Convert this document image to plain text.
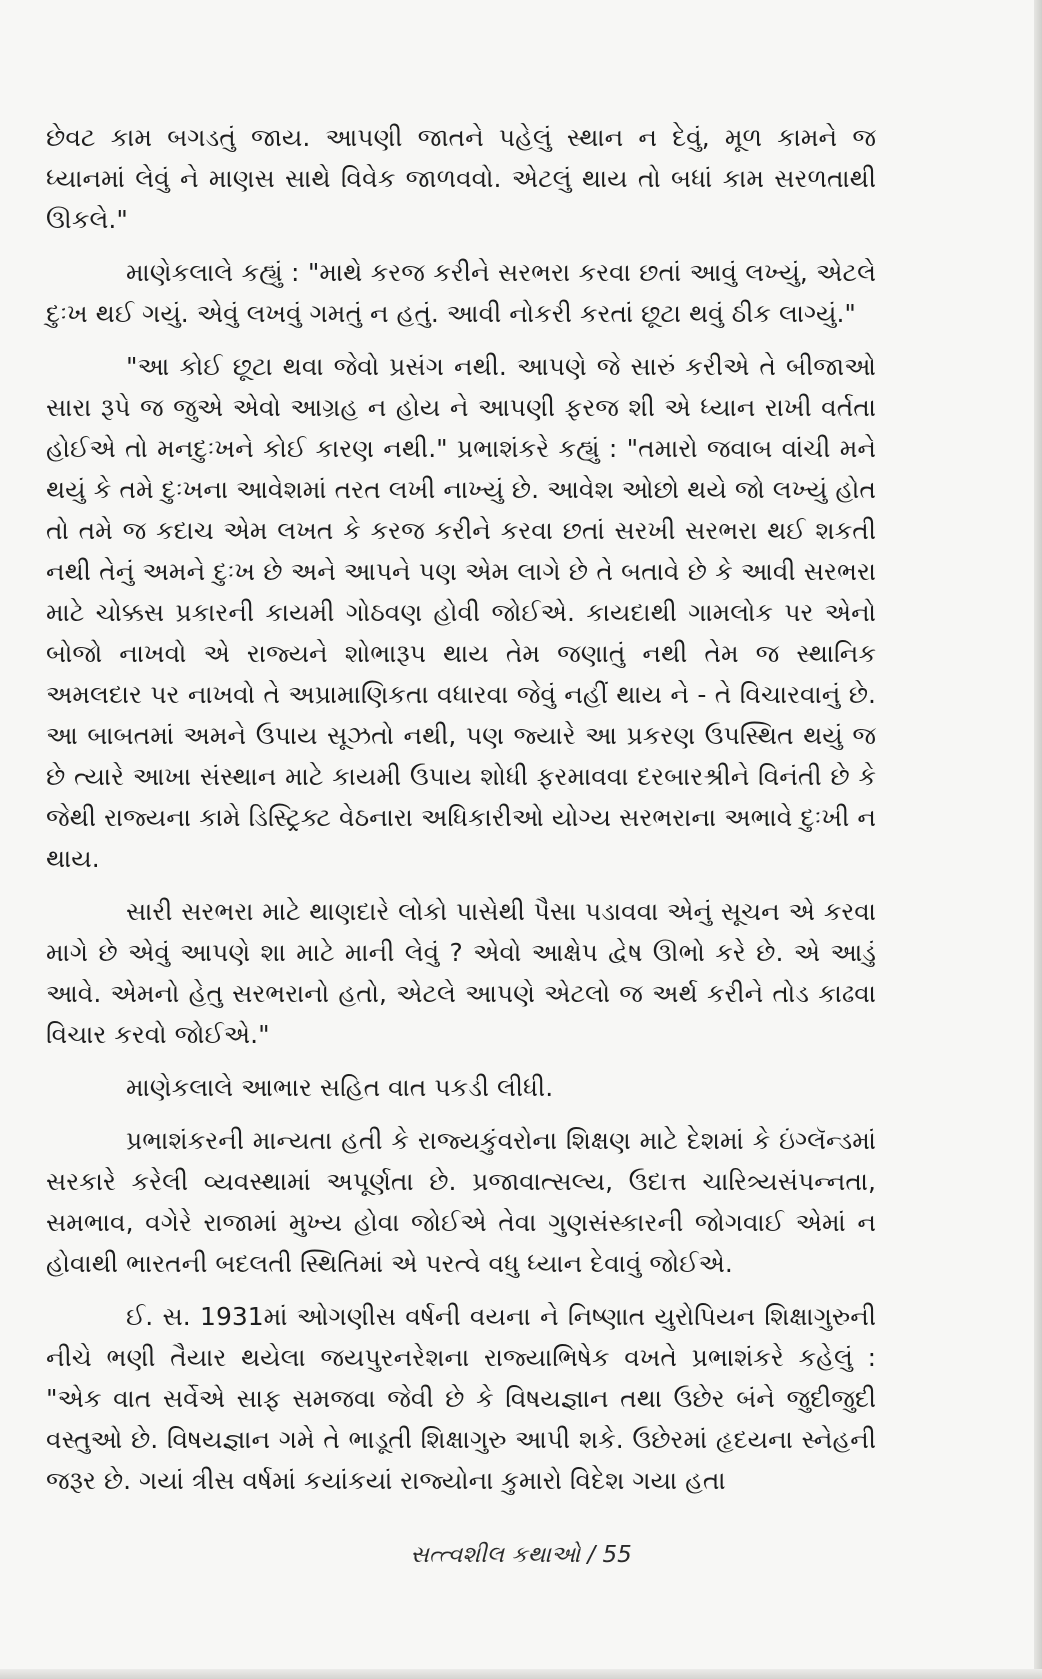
છેવટ કામ બગડતું જાય. આપણી જાતને પહેલું સ્થાન ન દેવું, મૂળ કામને જ ધ્યાનમાં લેવું ને માણસ સાથે વિવેક જાળવવો. એટલું થાય તો બધાં કામ સરળતાથી ઊકલે."

માણેકલાલે કહ્યું : "માથે કરજ કરીને સરભરા કરવા છતાં આવું લખ્યું, એટલે દુઃખ થઈ ગયું. એવું લખવું ગમતું ન હતું. આવી નોકરી કરતાં છૂટા થવું ઠીક લાગ્યું."

"આ કોઈ છૂટા થવા જેવો પ્રસંગ નથી. આપણે જે સારું કરીએ તે બીજાઓ સારા રૂપે જ જુએ એવો આગ્રહ ન હોય ને આપણી ફરજ શી એ ધ્યાન રાખી વર્તતા હોઈએ તો મનદુઃખને કોઈ કારણ નથી." પ્રભાશંકરે કહ્યું : "તમારો જવાબ વાંચી મને થયું કે તમે દુઃખના આવેશમાં તરત લખી નાખ્યું છે. આવેશ ઓછો થયે જો લખ્યું હોત તો તમે જ કદાચ એમ લખત કે કરજ કરીને કરવા છતાં સરખી સરભરા થઈ શકતી નથી તેનું અમને દુઃખ છે અને આપને પણ એમ લાગે છે તે બતાવે છે કે આવી સરભરા માટે ચોક્કસ પ્રકારની કાયમી ગોઠવણ હોવી જોઈએ. કાયદાથી ગામલોક પર એનો બોજો નાખવો એ રાજ્યને શોભારૂપ થાય તેમ જણાતું નથી તેમ જ સ્થાનિક અમલદાર પર નાખવો તે અપ્રામાણિકતા વધારવા જેવું નહીં થાય ને - તે વિચારવાનું છે. આ બાબતમાં અમને ઉપાય સૂઝતો નથી, પણ જ્યારે આ પ્રકરણ ઉપસ્થિત થયું જ છે ત્યારે આખા સંસ્થાન માટે કાયમી ઉપાય શોધી ફરમાવવા દરબારશ્રીને વિનંતી છે કે જેથી રાજ્યના કામે ડિસ્ટ્રિક્ટ વેઠનારા અધિકારીઓ યોગ્ય સરભરાના અભાવે દુઃખી ન થાય.

સારી સરભરા માટે થાણદારે લોકો પાસેથી પૈસા પડાવવા એનું સૂચન એ કરવા માગે છે એવું આપણે શા માટે માની લેવું ? એવો આક્ષેપ દ્વેષ ઊભો કરે છે. એ આડું આવે. એમનો હેતુ સરભરાનો હતો, એટલે આપણે એટલો જ અર્થ કરીને તોડ કાઢવા વિચાર કરવો જોઈએ."

માણેકલાલે આભાર સહિત વાત પકડી લીધી.

પ્રભાશંકરની માન્યતા હતી કે રાજ્યકુંવરોના શિક્ષણ માટે દેશમાં કે ઇંગ્લૅન્ડમાં સરકારે કરેલી વ્યવસ્થામાં અપૂર્ણતા છે. પ્રજાવાત્સલ્ય, ઉદાત્ત ચારિત્ર્યસંપન્નતા, સમભાવ, વગેરે રાજામાં મુખ્ય હોવા જોઈએ તેવા ગુણસંસ્કારની જોગવાઈ એમાં ન હોવાથી ભારતની બદલતી સ્થિતિમાં એ પરત્વે વધુ ધ્યાન દેવાવું જોઈએ.

ઈ. સ. 1931માં ઓગણીસ વર્ષની વયના ને નિષ્ણાત યુરોપિયન શિક્ષાગુરુની નીચે ભણી તૈયાર થયેલા જયપુરનરેશના રાજ્યાભિષેક વખતે પ્રભાશંકરે કહેલું : "એક વાત સર્વેએ સાફ સમજવા જેવી છે કે વિષયજ્ઞાન તથા ઉછેર બંને જુદીજુદી વસ્તુઓ છે. વિષયજ્ઞાન ગમે તે ભાડૂતી શિક્ષાગુરુ આપી શકે. ઉછેરમાં હૃદયના સ્નેહની જરૂર છે. ગયાં ત્રીસ વર્ષમાં કયાંકયાં રાજ્યોના કુમારો વિદેશ ગયા હતા

સત્ત્વશીલ કથાઓ / 55
